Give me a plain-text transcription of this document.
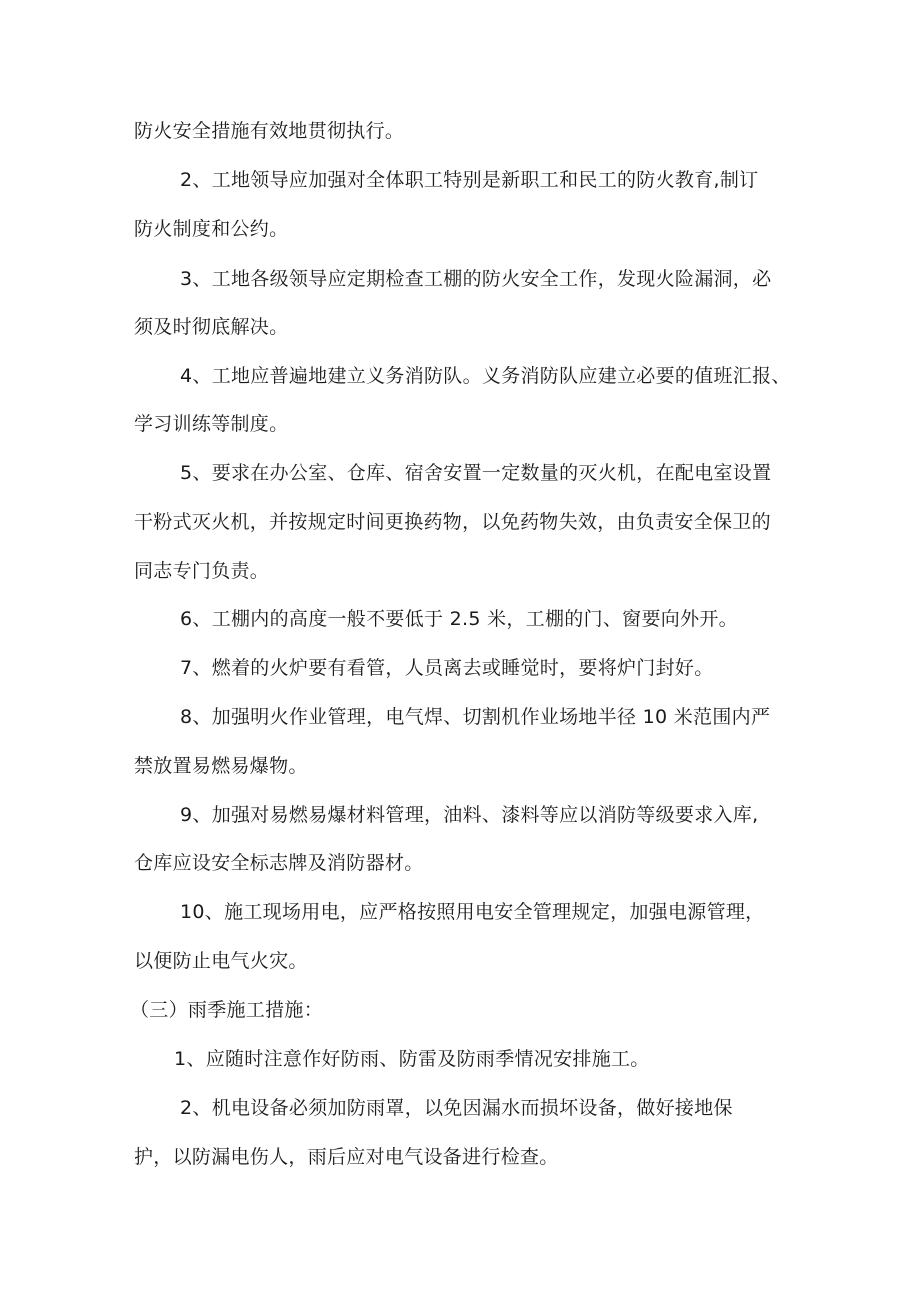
防火安全措施有效地贯彻执行。
2、工地领导应加强对全体职工特别是新职工和民工的防火教育,制订
防火制度和公约。
3、工地各级领导应定期检查工棚的防火安全工作，发现火险漏洞，必
须及时彻底解决。
4、工地应普遍地建立义务消防队。义务消防队应建立必要的值班汇报、
学习训练等制度。
5、要求在办公室、仓库、宿舍安置一定数量的灭火机，在配电室设置
干粉式灭火机，并按规定时间更换药物，以免药物失效，由负责安全保卫的
同志专门负责。
6、工棚内的高度一般不要低于 2.5 米，工棚的门、窗要向外开。
7、燃着的火炉要有看管，人员离去或睡觉时，要将炉门封好。
8、加强明火作业管理，电气焊、切割机作业场地半径 10 米范围内严
禁放置易燃易爆物。
9、加强对易燃易爆材料管理，油料、漆料等应以消防等级要求入库,
仓库应设安全标志牌及消防器材。
10、施工现场用电，应严格按照用电安全管理规定，加强电源管理，
以便防止电气火灾。
（三）雨季施工措施：
1、应随时注意作好防雨、防雷及防雨季情况安排施工。
2、机电设备必须加防雨罩，以免因漏水而损坏设备，做好接地保
护，以防漏电伤人，雨后应对电气设备进行检查。
